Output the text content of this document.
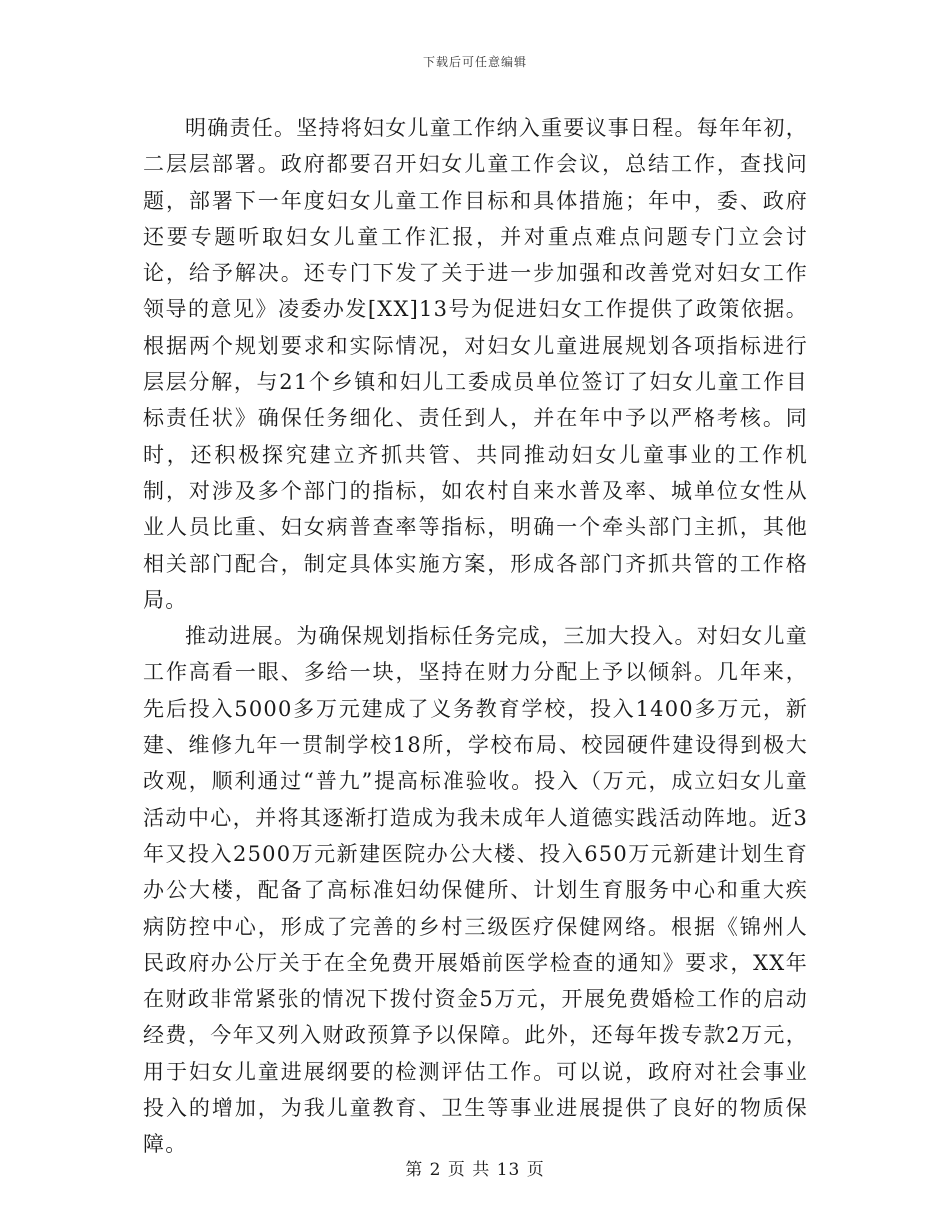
下载后可任意编辑

明确责任。坚持将妇女儿童工作纳入重要议事日程。每年年初，二层层部署。政府都要召开妇女儿童工作会议，总结工作，查找问题，部署下一年度妇女儿童工作目标和具体措施；年中，委、政府还要专题听取妇女儿童工作汇报，并对重点难点问题专门立会讨论，给予解决。还专门下发了关于进一步加强和改善党对妇女工作领导的意见》凌委办发[XX]13号为促进妇女工作提供了政策依据。根据两个规划要求和实际情况，对妇女儿童进展规划各项指标进行层层分解，与21个乡镇和妇儿工委成员单位签订了妇女儿童工作目标责任状》确保任务细化、责任到人，并在年中予以严格考核。同时，还积极探究建立齐抓共管、共同推动妇女儿童事业的工作机制，对涉及多个部门的指标，如农村自来水普及率、城单位女性从业人员比重、妇女病普查率等指标，明确一个牵头部门主抓，其他相关部门配合，制定具体实施方案，形成各部门齐抓共管的工作格局。

推动进展。为确保规划指标任务完成，三加大投入。对妇女儿童工作高看一眼、多给一块，坚持在财力分配上予以倾斜。几年来，先后投入5000多万元建成了义务教育学校，投入1400多万元，新建、维修九年一贯制学校18所，学校布局、校园硬件建设得到极大改观，顺利通过“普九”提高标准验收。投入（万元，成立妇女儿童活动中心，并将其逐渐打造成为我未成年人道德实践活动阵地。近3年又投入2500万元新建医院办公大楼、投入650万元新建计划生育办公大楼，配备了高标准妇幼保健所、计划生育服务中心和重大疾病防控中心，形成了完善的乡村三级医疗保健网络。根据《锦州人民政府办公厅关于在全免费开展婚前医学检查的通知》要求，XX年在财政非常紧张的情况下拨付资金5万元，开展免费婚检工作的启动经费，今年又列入财政预算予以保障。此外，还每年拨专款2万元，用于妇女儿童进展纲要的检测评估工作。可以说，政府对社会事业投入的增加，为我儿童教育、卫生等事业进展提供了良好的物质保障。

第 2 页 共 13 页
